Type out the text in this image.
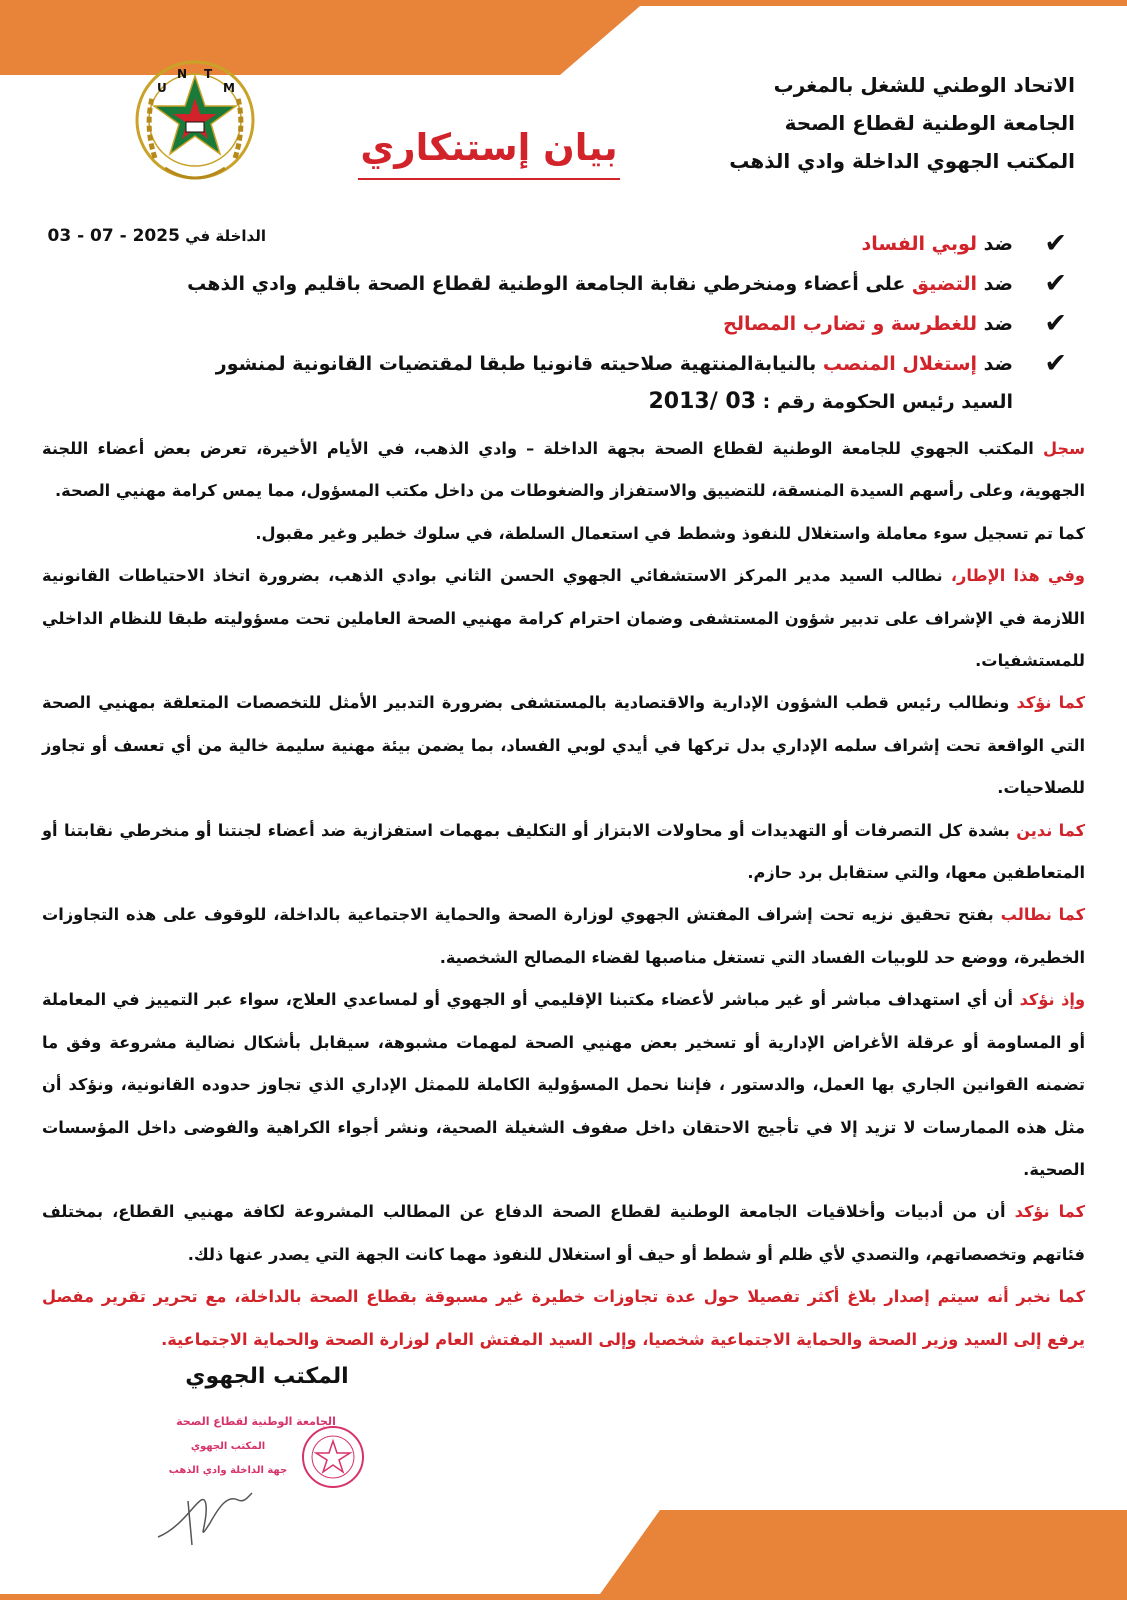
U
N T
M	الاتحاد الوطني للشغل بالمغرب
الجامعة الوطنية لقطاع الصحة
المكتب الجهوي الداخلة وادي الذهب
بيان إستنكاري
الداخلة في 03 - 07 - 2025	✔
ضد لوبي الفساد
✔
ضد التضيق على أعضاء ومنخرطي نقابة الجامعة الوطنية لقطاع الصحة باقليم وادي الذهب
✔
ضد للغطرسة و تضارب المصالح
✔
ضد إستغلال المنصب بالنيابةالمنتهية صلاحيته قانونيا طبقا لمقتضيات القانونية لمنشور
السيد رئيس الحكومة رقم : 03 /2013

سجل المكتب الجهوي للجامعة الوطنية لقطاع الصحة بجهة الداخلة – وادي الذهب، في الأيام الأخيرة، تعرض بعض أعضاء اللجنة الجهوية، وعلى رأسهم السيدة المنسقة، للتضييق والاستفزاز والضغوطات من داخل مكتب المسؤول، مما يمس كرامة مهنيي الصحة.

كما تم تسجيل سوء معاملة واستغلال للنفوذ وشطط في استعمال السلطة، في سلوك خطير وغير مقبول.

وفي هذا الإطار، نطالب السيد مدير المركز الاستشفائي الجهوي الحسن الثاني بوادي الذهب، بضرورة اتخاذ الاحتياطات القانونية اللازمة في الإشراف على تدبير شؤون المستشفى وضمان احترام كرامة مهنيي الصحة العاملين تحت مسؤوليته طبقا للنظام الداخلي للمستشفيات.

كما نؤكد ونطالب رئيس قطب الشؤون الإدارية والاقتصادية بالمستشفى بضرورة التدبير الأمثل للتخصصات المتعلقة بمهنيي الصحة التي الواقعة تحت إشراف سلمه الإداري بدل تركها في أيدي لوبي الفساد، بما يضمن بيئة مهنية سليمة خالية من أي تعسف أو تجاوز للصلاحيات.

كما ندين بشدة كل التصرفات أو التهديدات أو محاولات الابتزاز أو التكليف بمهمات استفزازية ضد أعضاء لجنتنا أو منخرطي نقابتنا أو المتعاطفين معها، والتي ستقابل برد حازم.

كما نطالب بفتح تحقيق نزيه تحت إشراف المفتش الجهوي لوزارة الصحة والحماية الاجتماعية بالداخلة، للوقوف على هذه التجاوزات الخطيرة، ووضع حد للوبيات الفساد التي تستغل مناصبها لقضاء المصالح الشخصية.

وإذ نؤكد أن أي استهداف مباشر أو غير مباشر لأعضاء مكتبنا الإقليمي أو الجهوي أو لمساعدي العلاج، سواء عبر التمييز في المعاملة أو المساومة أو عرقلة الأغراض الإدارية أو تسخير بعض مهنيي الصحة لمهمات مشبوهة، سيقابل بأشكال نضالية مشروعة وفق ما تضمنه القوانين الجاري بها العمل، والدستور ، فإننا نحمل المسؤولية الكاملة للممثل الإداري الذي تجاوز حدوده القانونية، ونؤكد أن مثل هذه الممارسات لا تزيد إلا في تأجيج الاحتقان داخل صفوف الشغيلة الصحية، ونشر أجواء الكراهية والفوضى داخل المؤسسات الصحية.

كما نؤكد أن من أدبيات وأخلاقيات الجامعة الوطنية لقطاع الصحة الدفاع عن المطالب المشروعة لكافة مهنيي القطاع، بمختلف فئاتهم وتخصصاتهم، والتصدي لأي ظلم أو شطط أو حيف أو استغلال للنفوذ مهما كانت الجهة التي يصدر عنها ذلك.

كما نخبر أنه سيتم إصدار بلاغ أكثر تفصيلا حول عدة تجاوزات خطيرة غير مسبوقة بقطاع الصحة بالداخلة، مع تحرير تقرير مفصل يرفع إلى السيد وزير الصحة والحماية الاجتماعية شخصيا، وإلى السيد المفتش العام لوزارة الصحة والحماية الاجتماعية.

المكتب الجهوي
الجامعة الوطنية لقطاع الصحة
المكتب الجهوي
جهة الداخلة وادي الذهب
